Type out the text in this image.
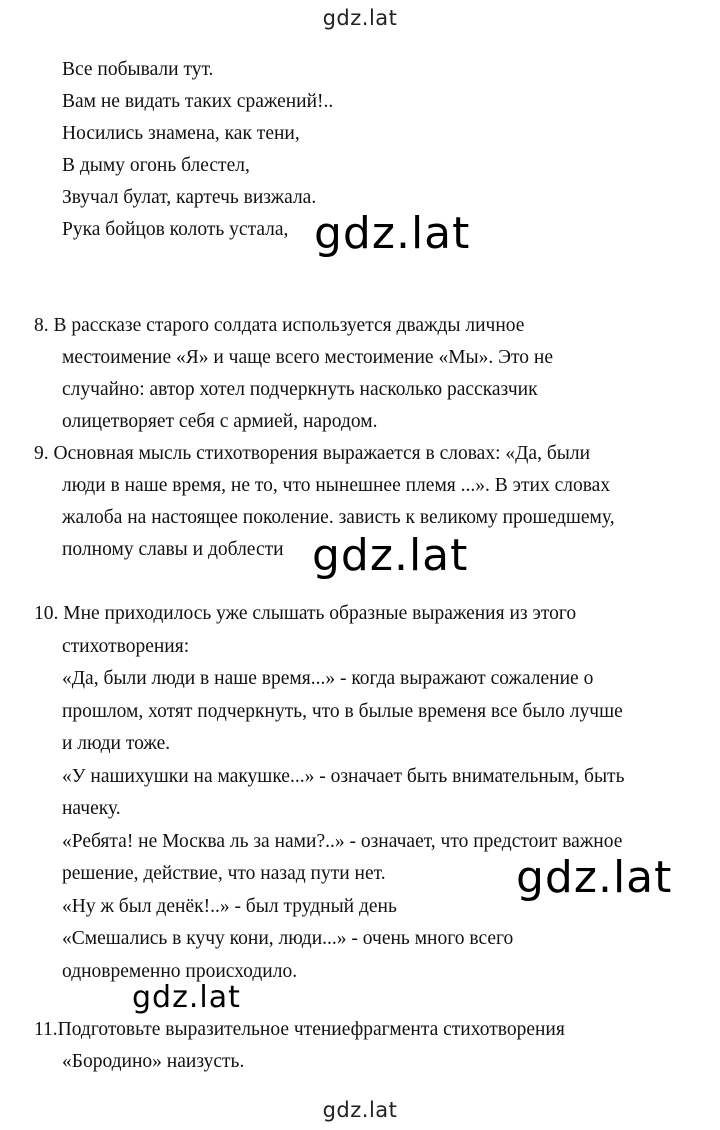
gdz.lat
Все побывали тут.
Вам не видать таких сражений!..
Носились знамена, как тени,
В дыму огонь блестел,
Звучал булат, картечь визжала.
Рука бойцов колоть устала,
8. В рассказе старого солдата используется дважды личное
местоимение «Я» и чаще всего местоимение «Мы». Это не
случайно: автор хотел подчеркнуть насколько рассказчик
олицетворяет себя с армией, народом.
9. Основная мысль стихотворения выражается в словах: «Да, были
люди в наше время, не то, что нынешнее племя ...». В этих словах
жалоба на настоящее поколение. зависть к великому прошедшему,
полному славы и доблести
10. Мне приходилось уже слышать образные выражения из этого
стихотворения:
«Да, были люди в наше время...» - когда выражают сожаление о
прошлом, хотят подчеркнуть, что в былые временя все было лучше
и люди тоже.
«У нашихушки на макушке...» - означает быть внимательным, быть
начеку.
«Ребята! не Москва ль за нами?..» - означает, что предстоит важное
решение, действие, что назад пути нет.
«Ну ж был денёк!..» - был трудный день
«Смешались в кучу кони, люди...» - очень много всего
одновременно происходило.
11.Подготовьте выразительное чтениефрагмента стихотворения
«Бородино» наизусть.
gdz.lat
gdz.lat
gdz.lat
gdz.lat
gdz.lat
